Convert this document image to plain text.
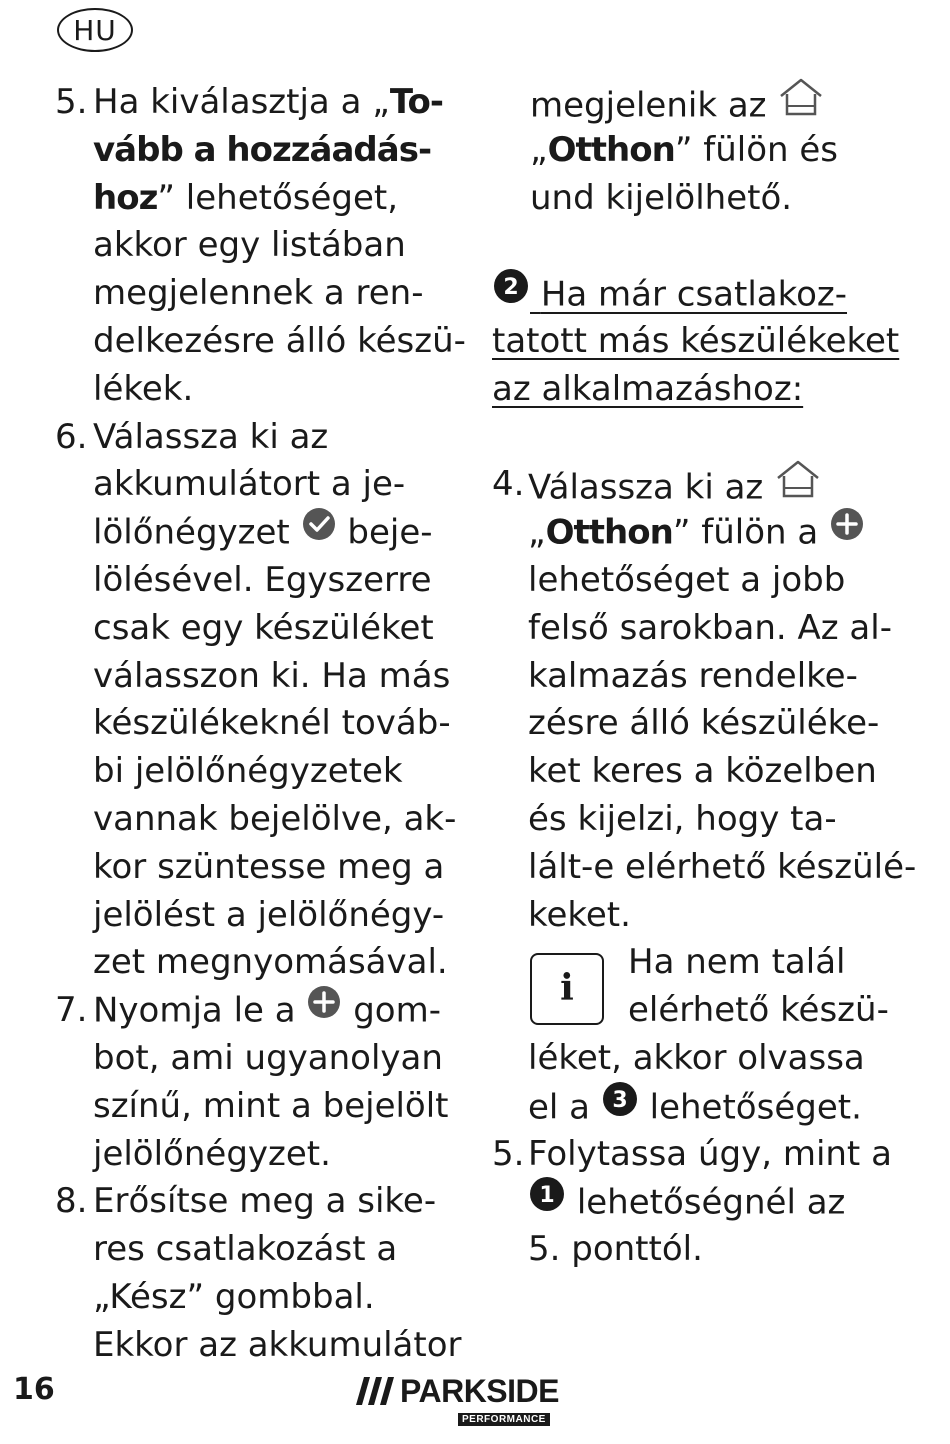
HU
5. Ha kiválasztja a „To-
vább a hozzáadás-
hoz” lehetőséget,
akkor egy listában
megjelennek a ren-
delkezésre álló készü-
lékek.
6. Válassza ki az
akkumulátort a je-
lölőnégyzet beje-
lölésével. Egyszerre
csak egy készüléket
válasszon ki. Ha más
készülékeknél továb-
bi jelölőnégyzetek
vannak bejelölve, ak-
kor szüntesse meg a
jelölést a jelölőnégy-
zet megnyomásával.
7. Nyomja le a gom-
bot, ami ugyanolyan
színű, mint a bejelölt
jelölőnégyzet.
8. Erősítse meg a sike-
res csatlakozást a
„Kész” gombbal.
Ekkor az akkumulátor
megjelenik az
„Otthon” fülön és
und kijelölhető.
2 Ha már csatlakoz-
tatott más készülékeket
az alkalmazáshoz:
4. Válassza ki az
„Otthon” fülön a
lehetőséget a jobb
felső sarokban. Az al-
kalmazás rendelke-
zésre álló készüléke-
ket keres a közelben
és kijelzi, hogy ta-
lált-e elérhető készülé-
keket.
i
Ha nem talál
elérhető készü-
léket, akkor olvassa
el a 3 lehetőséget.
5. Folytassa úgy, mint a
1 lehetőségnél az
5. ponttól.
16	PARKSIDE
PERFORMANCE
